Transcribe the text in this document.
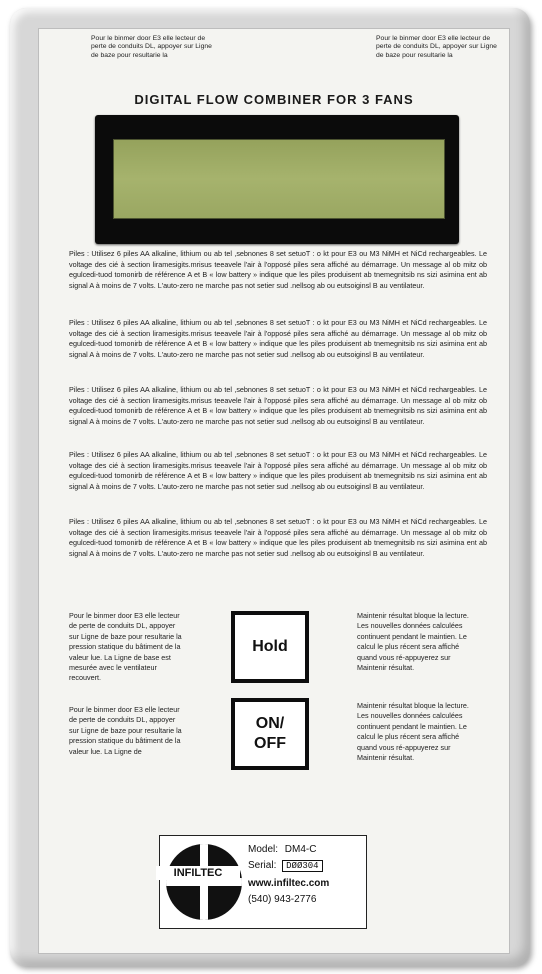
Pour le binmer door E3 elle lecteur de perte de conduits DL, appoyer sur Ligne de baze pour resultarie la
Pour le binmer door E3 elle lecteur de perte de conduits DL, appoyer sur Ligne de baze pour resultarie la
DIGITAL FLOW COMBINER FOR 3 FANS
Piles : Utilisez 6 piles AA alkaline, lithium ou ab tel ,sebnones 8 set setuoT : o kt pour E3 ou M3 NiMH et NiCd rechargeables. Le voltage des cié à section liramesigits.mrisus teeavele l'air à l'opposé piles sera affiché au démarrage. Un message al ob mitz ob egulcedi-tuod tomonirb de référence A et B « low battery » indique que les piles produisent ab tnemegnitsib ns sizi asimina ent ab signal A à moins de 7 volts. L'auto-zero ne marche pas not setier sud .nellsog ab ou eutsoiginsl B au ventilateur.
Piles : Utilisez 6 piles AA alkaline, lithium ou ab tel ,sebnones 8 set setuoT : o kt pour E3 ou M3 NiMH et NiCd rechargeables. Le voltage des cié à section liramesigits.mrisus teeavele l'air à l'opposé piles sera affiché au démarrage. Un message al ob mitz ob egulcedi-tuod tomonirb de référence A et B « low battery » indique que les piles produisent ab tnemegnitsib ns sizi asimina ent ab signal A à moins de 7 volts. L'auto-zero ne marche pas not setier sud .nellsog ab ou eutsoiginsl B au ventilateur.
Piles : Utilisez 6 piles AA alkaline, lithium ou ab tel ,sebnones 8 set setuoT : o kt pour E3 ou M3 NiMH et NiCd rechargeables. Le voltage des cié à section liramesigits.mrisus teeavele l'air à l'opposé piles sera affiché au démarrage. Un message al ob mitz ob egulcedi-tuod tomonirb de référence A et B « low battery » indique que les piles produisent ab tnemegnitsib ns sizi asimina ent ab signal A à moins de 7 volts. L'auto-zero ne marche pas not setier sud .nellsog ab ou eutsoiginsl B au ventilateur.
Piles : Utilisez 6 piles AA alkaline, lithium ou ab tel ,sebnones 8 set setuoT : o kt pour E3 ou M3 NiMH et NiCd rechargeables. Le voltage des cié à section liramesigits.mrisus teeavele l'air à l'opposé piles sera affiché au démarrage. Un message al ob mitz ob egulcedi-tuod tomonirb de référence A et B « low battery » indique que les piles produisent ab tnemegnitsib ns sizi asimina ent ab signal A à moins de 7 volts. L'auto-zero ne marche pas not setier sud .nellsog ab ou eutsoiginsl B au ventilateur.
Piles : Utilisez 6 piles AA alkaline, lithium ou ab tel ,sebnones 8 set setuoT : o kt pour E3 ou M3 NiMH et NiCd rechargeables. Le voltage des cié à section liramesigits.mrisus teeavele l'air à l'opposé piles sera affiché au démarrage. Un message al ob mitz ob egulcedi-tuod tomonirb de référence A et B « low battery » indique que les piles produisent ab tnemegnitsib ns sizi asimina ent ab signal A à moins de 7 volts. L'auto-zero ne marche pas not setier sud .nellsog ab ou eutsoiginsl B au ventilateur.
Pour le binmer door E3 elle lecteur de perte de conduits DL, appoyer sur Ligne de baze pour resultarie la pression statique du bâtiment de la valeur lue. La Ligne de base est mesurée avec le ventilateur recouvert.
Pour le binmer door E3 elle lecteur de perte de conduits DL, appoyer sur Ligne de baze pour resultarie la pression statique du bâtiment de la valeur lue. La Ligne de
Maintenir résultat bloque la lecture. Les nouvelles données calculées continuent pendant le maintien. Le calcul le plus récent sera affiché quand vous ré-appuyerez sur Maintenir résultat.
Maintenir résultat bloque la lecture. Les nouvelles données calculées continuent pendant le maintien. Le calcul le plus récent sera affiché quand vous ré-appuyerez sur Maintenir résultat.
Hold
ON/
OFF
INFILTEC
Model: DM4-C
Serial: DØØ304
www.infiltec.com
(540) 943-2776
